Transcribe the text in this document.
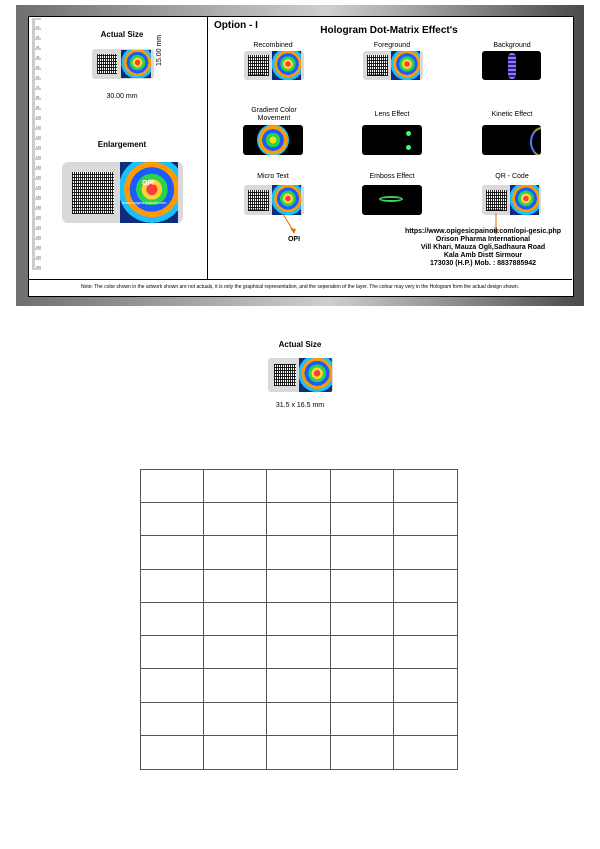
10
20
30
40
50
60
70
80
90
100
110
120
130
140
150
160
170
180
190
200
210
220
230
240
250
Actual Size
15.00 mm
30.00 mm
Enlargement
OPI
www.opigesicpainoil.com
Option - I	Hologram Dot-Matrix Effect's
Recombined
ABC000001
Foreground
ABC000001
Background
Gradient Color Movement
Lens Effect	Kinetic Effect
Micro Text
ABC000001
Emboss Effect	QR - Code
ABC000001
OPI
https://www.opigesicpainoil.com/opi-gesic.php
Orison Pharma International
Vill Khari, Mauza Ogli,Sadhaura Road
Kala Amb Distt Sirmour
173030 (H.P.) Mob. : 8837885942
Note: The color shown in the artwork shown are not actuals, it is only the graphical representation, and the seperation of the layer. The colour may very in the Hologram form the actual design shown.
Actual Size
31.5 x 16.5 mm
